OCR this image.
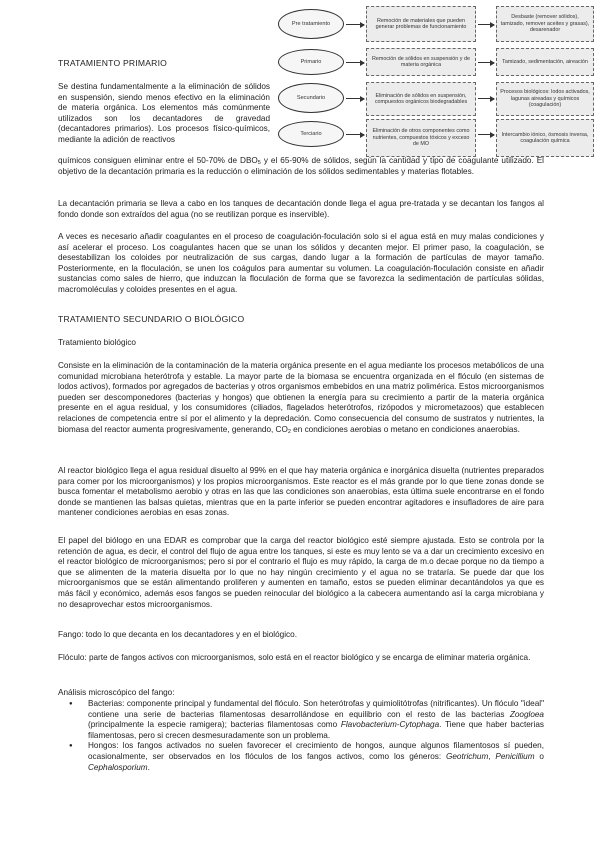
Pre tratamiento
Remoción de materiales que pueden generar problemas de funcionamiento
Desbaste (remover sólidos), tamizado, remover aceites y grasas), desarenador
Primario
Remoción de sólidos en suspensión y de materia orgánica
Tamizado, sedimentación, aireación
Secundario	Eliminación de sólidos en suspensión, compuestos orgánicos biodegradables
Procesos biológicos: lodos activados, lagunas aireadas y químicos (coagulación)
Terciario	Eliminación de otros componentes como nutrientes, compuestos tóxicos y exceso de MO
Intercambio iónico, ósmosis inversa, coagulación química
TRATAMIENTO PRIMARIO
Se destina fundamentalmente a la eliminación de sólidos en suspensión, siendo menos efectivo en la eliminación de materia orgánica. Los elementos más comúnmente utilizados son los decantadores de gravedad (decantadores primarios). Los procesos físico-químicos, mediante la adición de reactivos
químicos consiguen eliminar entre el 50-70% de $DBO_5$ y el 65-90% de sólidos, según la cantidad y tipo de coagulante utilizado. El objetivo de la decantación primaria es la reducción o eliminación de los sólidos sedimentables y materias flotables.
La decantación primaria se lleva a cabo en los tanques de decantación donde llega el agua pre-tratada y se decantan los fangos al fondo donde son extraídos del agua (no se reutilizan porque es inservible).
A veces es necesario añadir coagulantes en el proceso de coagulación-foculación solo si el agua está en muy malas condiciones y así acelerar el proceso. Los coagulantes hacen que se unan los sólidos y decanten mejor. El primer paso, la coagulación, se desestabilizan los coloides por neutralización de sus cargas, dando lugar a la formación de partículas de mayor tamaño. Posteriormente, en la floculación, se unen los coágulos para aumentar su volumen. La coagulación-floculación consiste en añadir sustancias como sales de hierro, que induzcan la floculación de forma que se favorezca la sedimentación de partículas sólidas, macromoléculas y coloides presentes en el agua.
TRATAMIENTO SECUNDARIO O BIOLÓGICO
Tratamiento biológico
Consiste en la eliminación de la contaminación de la materia orgánica presente en el agua mediante los procesos metabólicos de una comunidad microbiana heterótrofa y estable. La mayor parte de la biomasa se encuentra organizada en el flóculo (en sistemas de lodos activos), formados por agregados de bacterias y otros organismos embebidos en una matriz polimérica. Estos microorganismos pueden ser descomponedores (bacterias y hongos) que obtienen la energía para su crecimiento a partir de la materia orgánica presente en el agua residual, y los consumidores (ciliados, flagelados heterótrofos, rizópodos y micrometazoos) que establecen relaciones de competencia entre sí por el alimento y la depredación. Como consecuencia del consumo de sustratos y nutrientes, la biomasa del reactor aumenta progresivamente, generando, $CO_2$ en condiciones aerobias o metano en condiciones anaerobias.
Al reactor biológico llega el agua residual disuelto al 99% en el que hay materia orgánica e inorgánica disuelta (nutrientes preparados para comer por los microorganismos) y los propios microorganismos. Este reactor es el más grande por lo que tiene zonas donde se busca fomentar el metabolismo aerobio y otras en las que las condiciones son anaerobias, esta última suele encontrarse en el fondo donde se mantienen las balsas quietas, mientras que en la parte inferior se pueden encontrar agitadores e insufladores de aire para mantener condiciones aerobias en esas zonas.
El papel del biólogo en una EDAR es comprobar que la carga del reactor biológico esté siempre ajustada. Esto se controla por la retención de agua, es decir, el control del flujo de agua entre los tanques, si este es muy lento se va a dar un crecimiento excesivo en el reactor biológico de microorganismos; pero si por el contrario el flujo es muy rápido, la carga de m.o decae porque no da tiempo a que se alimenten de la materia disuelta por lo que no hay ningún crecimiento y el agua no se trataría. Se puede dar que los microorganismos que se están alimentando proliferen y aumenten en tamaño, estos se pueden eliminar decantándolos ya que es más fácil y económico, además esos fangos se pueden reinocular del biológico a la cabecera aumentando así la carga microbiana y no desaprovechar estos microorganismos.
Fango: todo lo que decanta en los decantadores y en el biológico.
Flóculo: parte de fangos activos con microorganismos, solo está en el reactor biológico y se encarga de eliminar materia orgánica.
Análisis microscópico del fango:
● Bacterias: componente principal y fundamental del flóculo. Son heterótrofas y quimiolitótrofas (nitrificantes). Un flóculo "ideal" contiene una serie de bacterias filamentosas desarrollándose en equilibrio con el resto de las bacterias Zoogloea (principalmente la especie ramigera); bacterias filamentosas como Flavobacterium-Cytophaga. Tiene que haber bacterias filamentosas, pero si crecen desmesuradamente son un problema.
● Hongos: los fangos activados no suelen favorecer el crecimiento de hongos, aunque algunos filamentosos sí pueden, ocasionalmente, ser observados en los flóculos de los fangos activos, como los géneros: Geotrichum, Penicillium o Cephalosporium.
